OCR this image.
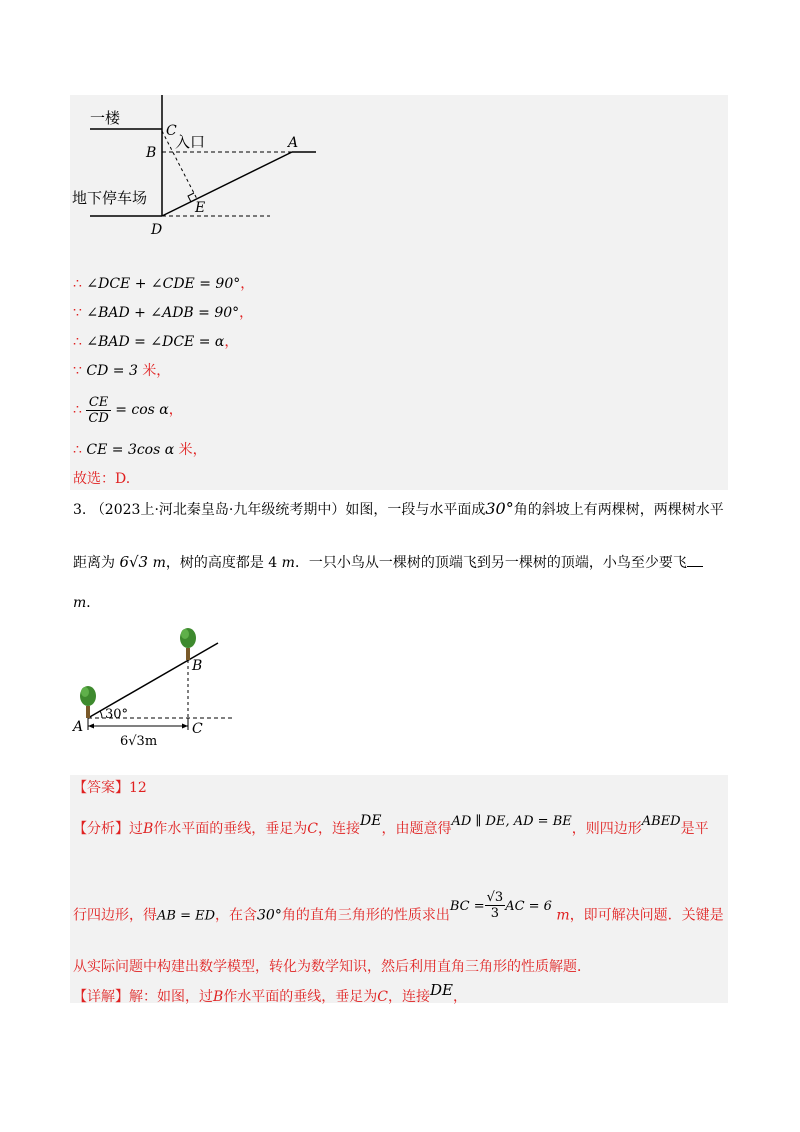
一楼
入口
地下停车场
C
B
A
E
D
∴ ∠DCE + ∠CDE = 90°，
∵ ∠BAD + ∠ADB = 90°，
∴ ∠BAD = ∠DCE = α，
∵ CD = 3 米，
∴ $\frac{CE}{CD} = \cos \alpha$，
∴ CE = 3cos α 米，
故选：D.
3. （2023上·河北秦皇岛·九年级统考期中）如图，一段与水平面成30°角的斜坡上有两棵树，两棵树水平
距离为 6√3 m，树的高度都是 4 m．一只小鸟从一棵树的顶端飞到另一棵树的顶端，小鸟至少要飞
m．
30°
6√3m
A
B
C
【答案】12
【分析】过B作水平面的垂线，垂足为C，连接DE，由题意得AD ∥ DE, AD = BE，则四边形ABED是平
行四边形，得AB = ED，在含30°角的直角三角形的性质求出BC = $\frac{√3}{3}$ AC = 6 m，即可解决问题．关键是
从实际问题中构建出数学模型，转化为数学知识，然后利用直角三角形的性质解题．
【详解】解：如图，过B作水平面的垂线，垂足为C，连接DE，
